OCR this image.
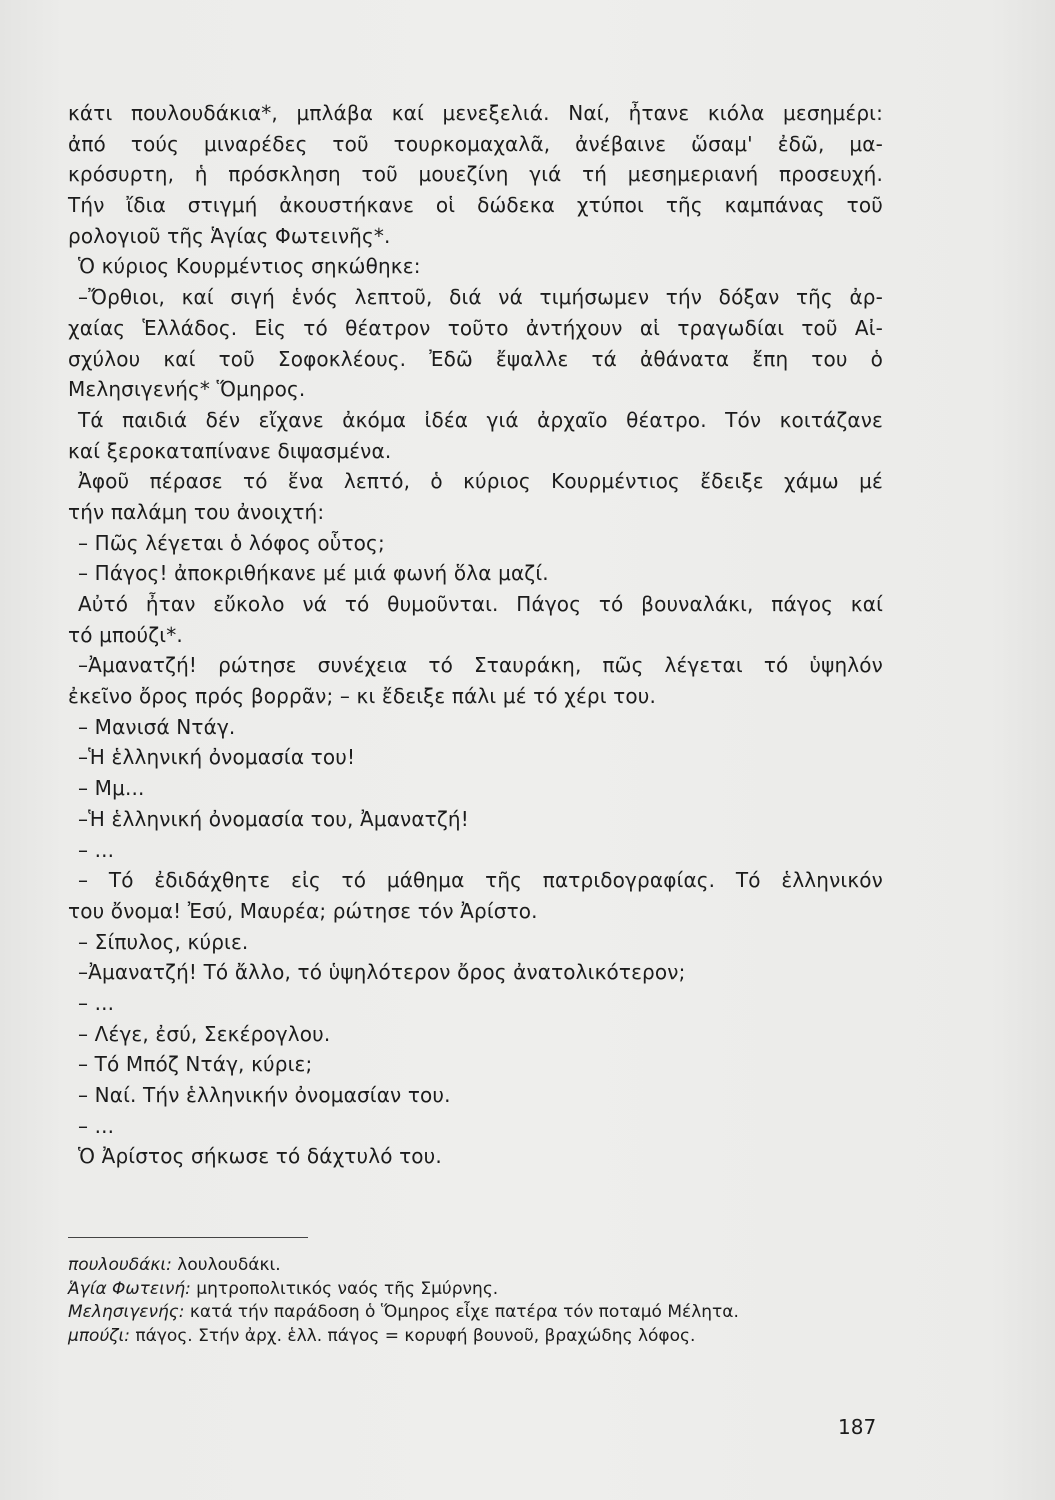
κάτι πουλουδάκια*, μπλάβα καί μενεξελιά. Ναί, ἦτανε κιόλα μεσημέρι:
ἀπό τούς μιναρέδες τοῦ τουρκομαχαλᾶ, ἀνέβαινε ὥσαμ' ἐδῶ, μα-
κρόσυρτη, ἡ πρόσκληση τοῦ μουεζίνη γιά τή μεσημεριανή προσευχή.
Τήν ἴδια στιγμή ἀκουστήκανε οἱ δώδεκα χτύποι τῆς καμπάνας τοῦ
ρολογιοῦ τῆς Ἁγίας Φωτεινῆς*.
Ὁ κύριος Κουρμέντιος σηκώθηκε:
–Ὄρθιοι, καί σιγή ἑνός λεπτοῦ, διά νά τιμήσωμεν τήν δόξαν τῆς ἀρ-
χαίας Ἑλλάδος. Εἰς τό θέατρον τοῦτο ἀντήχουν αἱ τραγωδίαι τοῦ Αἰ-
σχύλου καί τοῦ Σοφοκλέους. Ἐδῶ ἔψαλλε τά ἀθάνατα ἔπη του ὁ
Μελησιγενής* Ὅμηρος.
Τά παιδιά δέν εἴχανε ἀκόμα ἰδέα γιά ἀρχαῖο θέατρο. Τόν κοιτάζανε
καί ξεροκαταπίνανε διψασμένα.
Ἀφοῦ πέρασε τό ἕνα λεπτό, ὁ κύριος Κουρμέντιος ἔδειξε χάμω μέ
τήν παλάμη του ἀνοιχτή:
– Πῶς λέγεται ὁ λόφος οὗτος;
– Πάγος! ἀποκριθήκανε μέ μιά φωνή ὅλα μαζί.
Αὐτό ἦταν εὔκολο νά τό θυμοῦνται. Πάγος τό βουναλάκι, πάγος καί
τό μπούζι*.
–Ἀμανατζή! ρώτησε συνέχεια τό Σταυράκη, πῶς λέγεται τό ὑψηλόν
ἐκεῖνο ὄρος πρός βορρᾶν; – κι ἔδειξε πάλι μέ τό χέρι του.
– Μανισά Ντάγ.
–Ἡ ἑλληνική ὀνομασία του!
– Μμ...
–Ἡ ἑλληνική ὀνομασία του, Ἀμανατζή!
– ...
– Τό ἐδιδάχθητε εἰς τό μάθημα τῆς πατριδογραφίας. Τό ἑλληνικόν
του ὄνομα! Ἐσύ, Μαυρέα; ρώτησε τόν Ἀρίστο.
– Σίπυλος, κύριε.
–Ἀμανατζή! Τό ἄλλο, τό ὑψηλότερον ὄρος ἀνατολικότερον;
– ...
– Λέγε, ἐσύ, Σεκέρογλου.
– Τό Μπόζ Ντάγ, κύριε;
– Ναί. Τήν ἑλληνικήν ὀνομασίαν του.
– ...
Ὁ Ἀρίστος σήκωσε τό δάχτυλό του.
πουλουδάκι: λουλουδάκι.
Ἁγία Φωτεινή: μητροπολιτικός ναός τῆς Σμύρνης.
Μελησιγενής: κατά τήν παράδοση ὁ Ὅμηρος εἶχε πατέρα τόν ποταμό Μέλητα.
μπούζι: πάγος. Στήν ἀρχ. ἑλλ. πάγος = κορυφή βουνοῦ, βραχώδης λόφος.
187
